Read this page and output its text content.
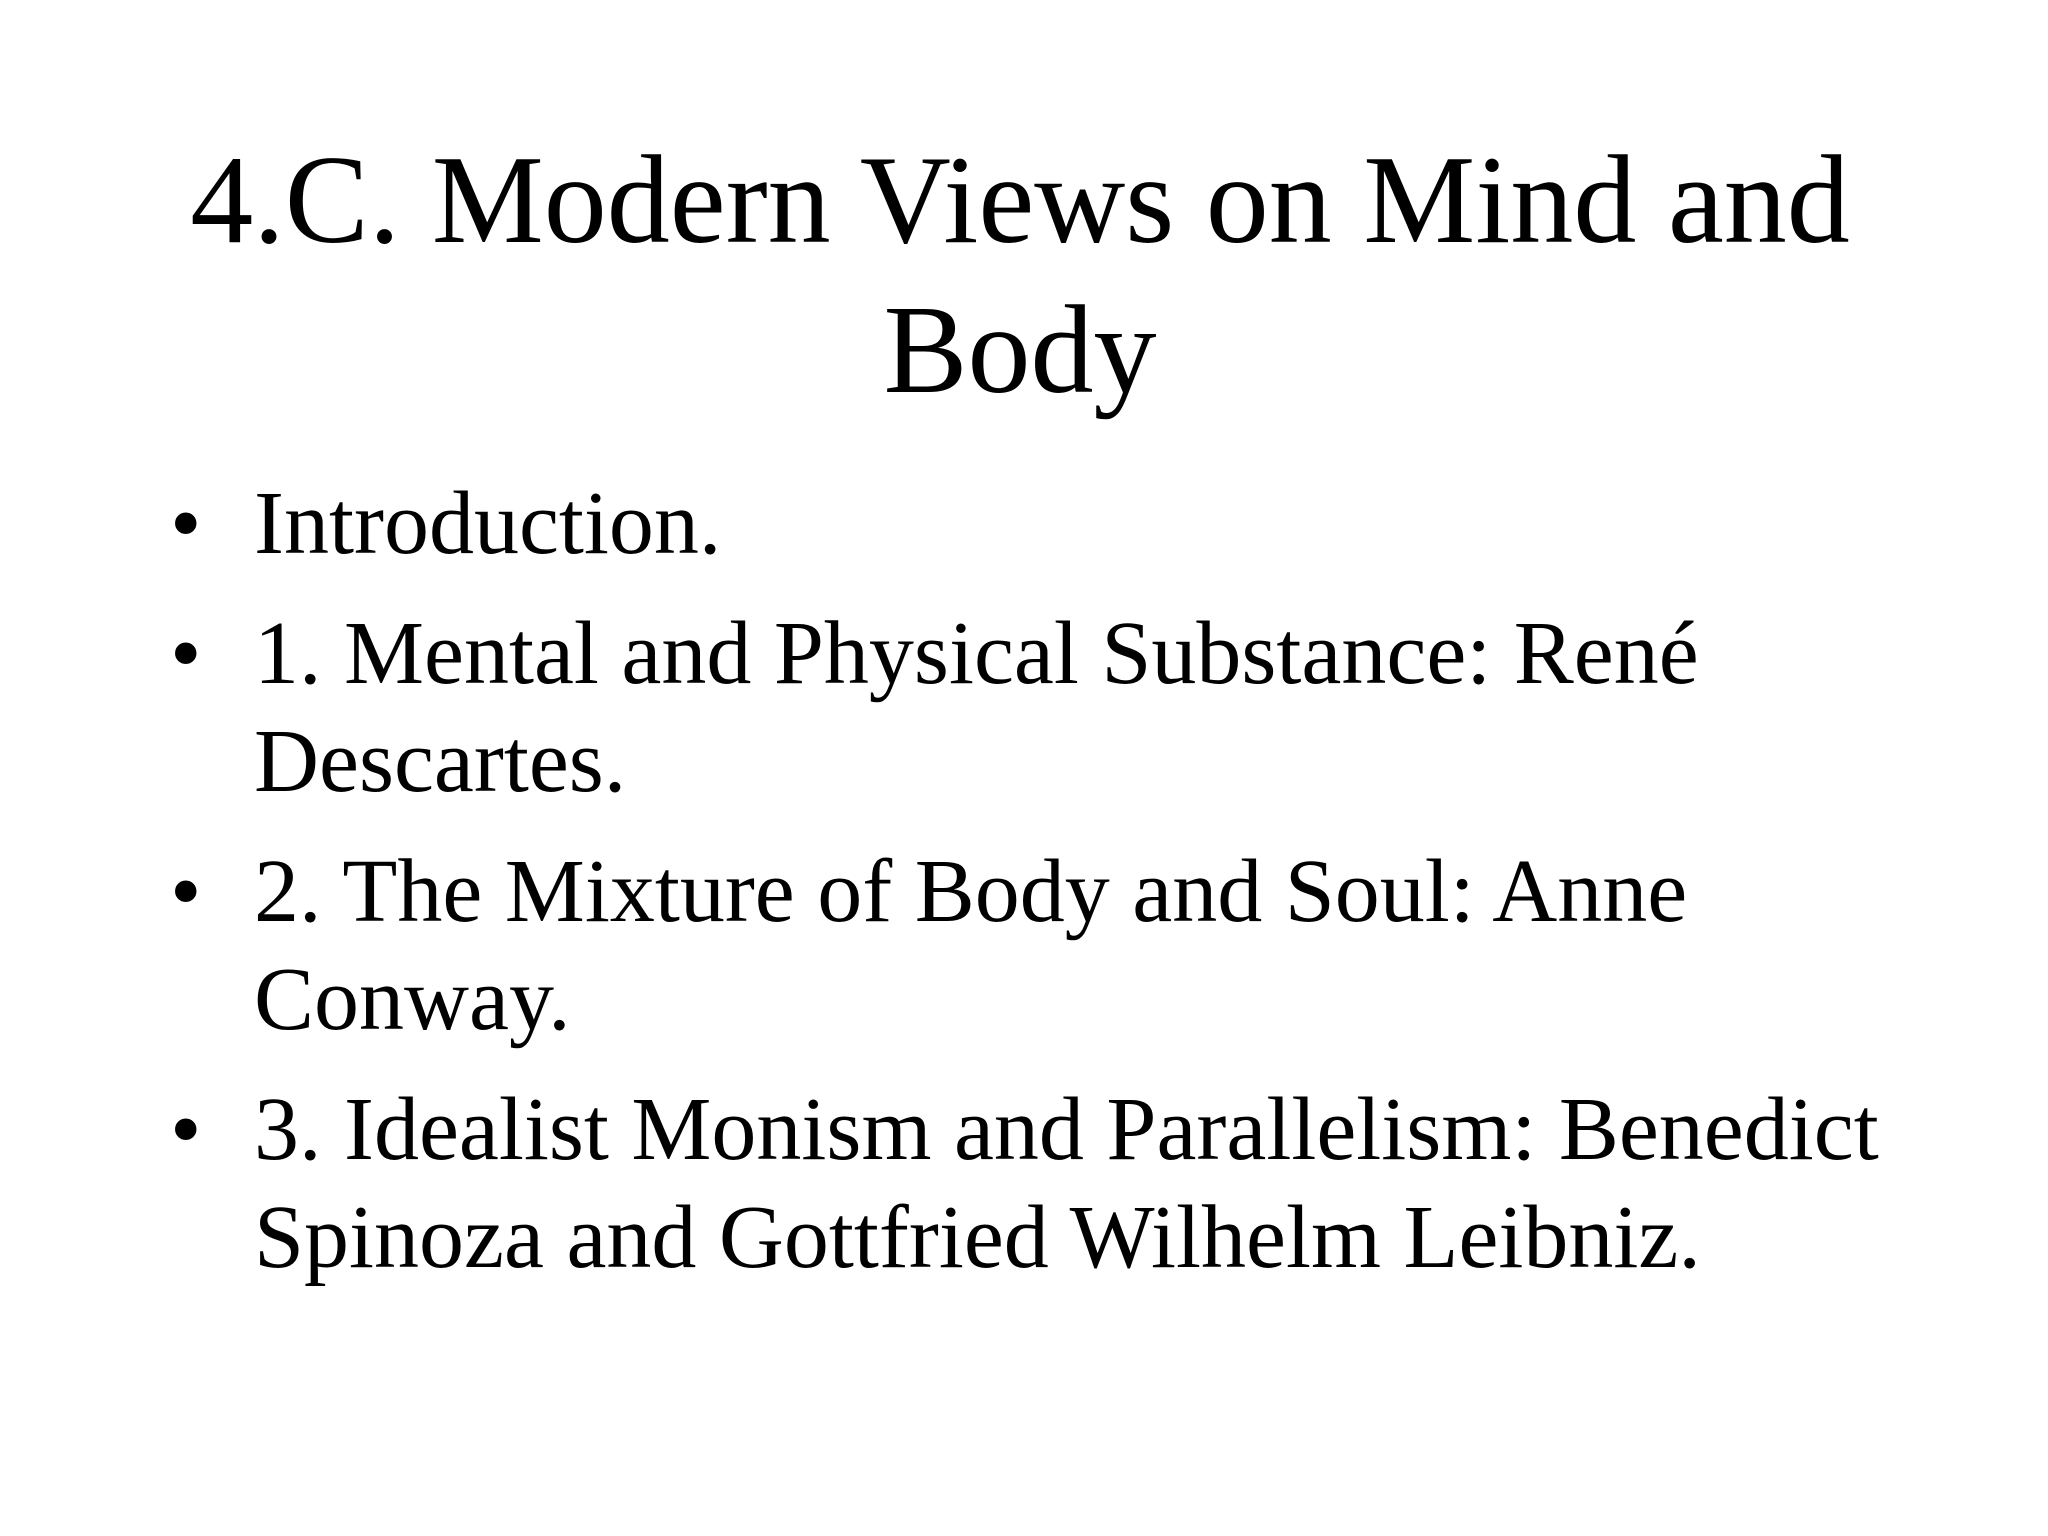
4.C. Modern Views on Mind and Body
• Introduction.
• 1. Mental and Physical Substance: René Descartes.
• 2. The Mixture of Body and Soul: Anne Conway.
• 3. Idealist Monism and Parallelism: Benedict Spinoza and Gottfried Wilhelm Leibniz.
